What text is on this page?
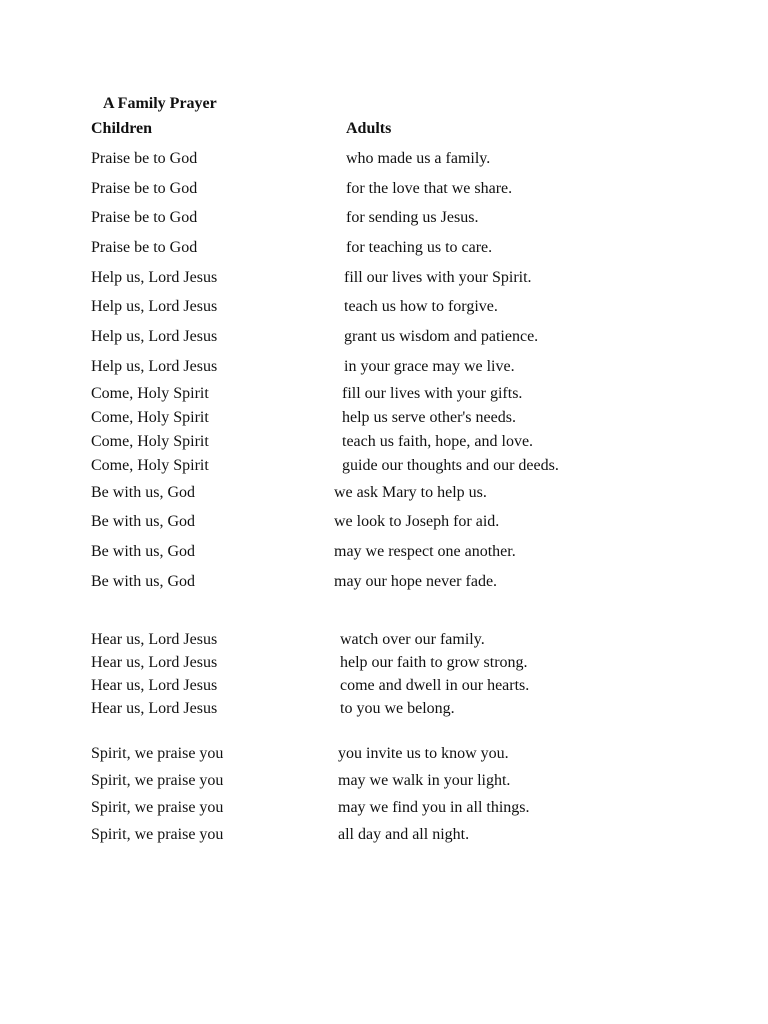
A Family Prayer
Children	Adults
Praise be to God	who made us a family.
Praise be to God	for the love that we share.
Praise be to God	for sending us Jesus.
Praise be to God	for teaching us to care.
Help us, Lord Jesus	fill our lives with your Spirit.
Help us, Lord Jesus	teach us how to forgive.
Help us, Lord Jesus	grant us wisdom and patience.
Help us, Lord Jesus	in your grace may we live.
Come, Holy Spirit	fill our lives with your gifts.
Come, Holy Spirit	help us serve other's needs.
Come, Holy Spirit	teach us faith, hope, and love.
Come, Holy Spirit	guide our thoughts and our deeds.
Be with us, God	we ask Mary to help us.
Be with us, God	we look to Joseph for aid.
Be with us, God	may we respect one another.
Be with us, God	may our hope never fade.
Hear us, Lord Jesus	watch over our family.
Hear us, Lord Jesus	help our faith to grow strong.
Hear us, Lord Jesus	come and dwell in our hearts.
Hear us, Lord Jesus	to you we belong.
Spirit, we praise you	you invite us to know you.
Spirit, we praise you	may we walk in your light.
Spirit, we praise you	may we find you in all things.
Spirit, we praise you	all day and all night.
